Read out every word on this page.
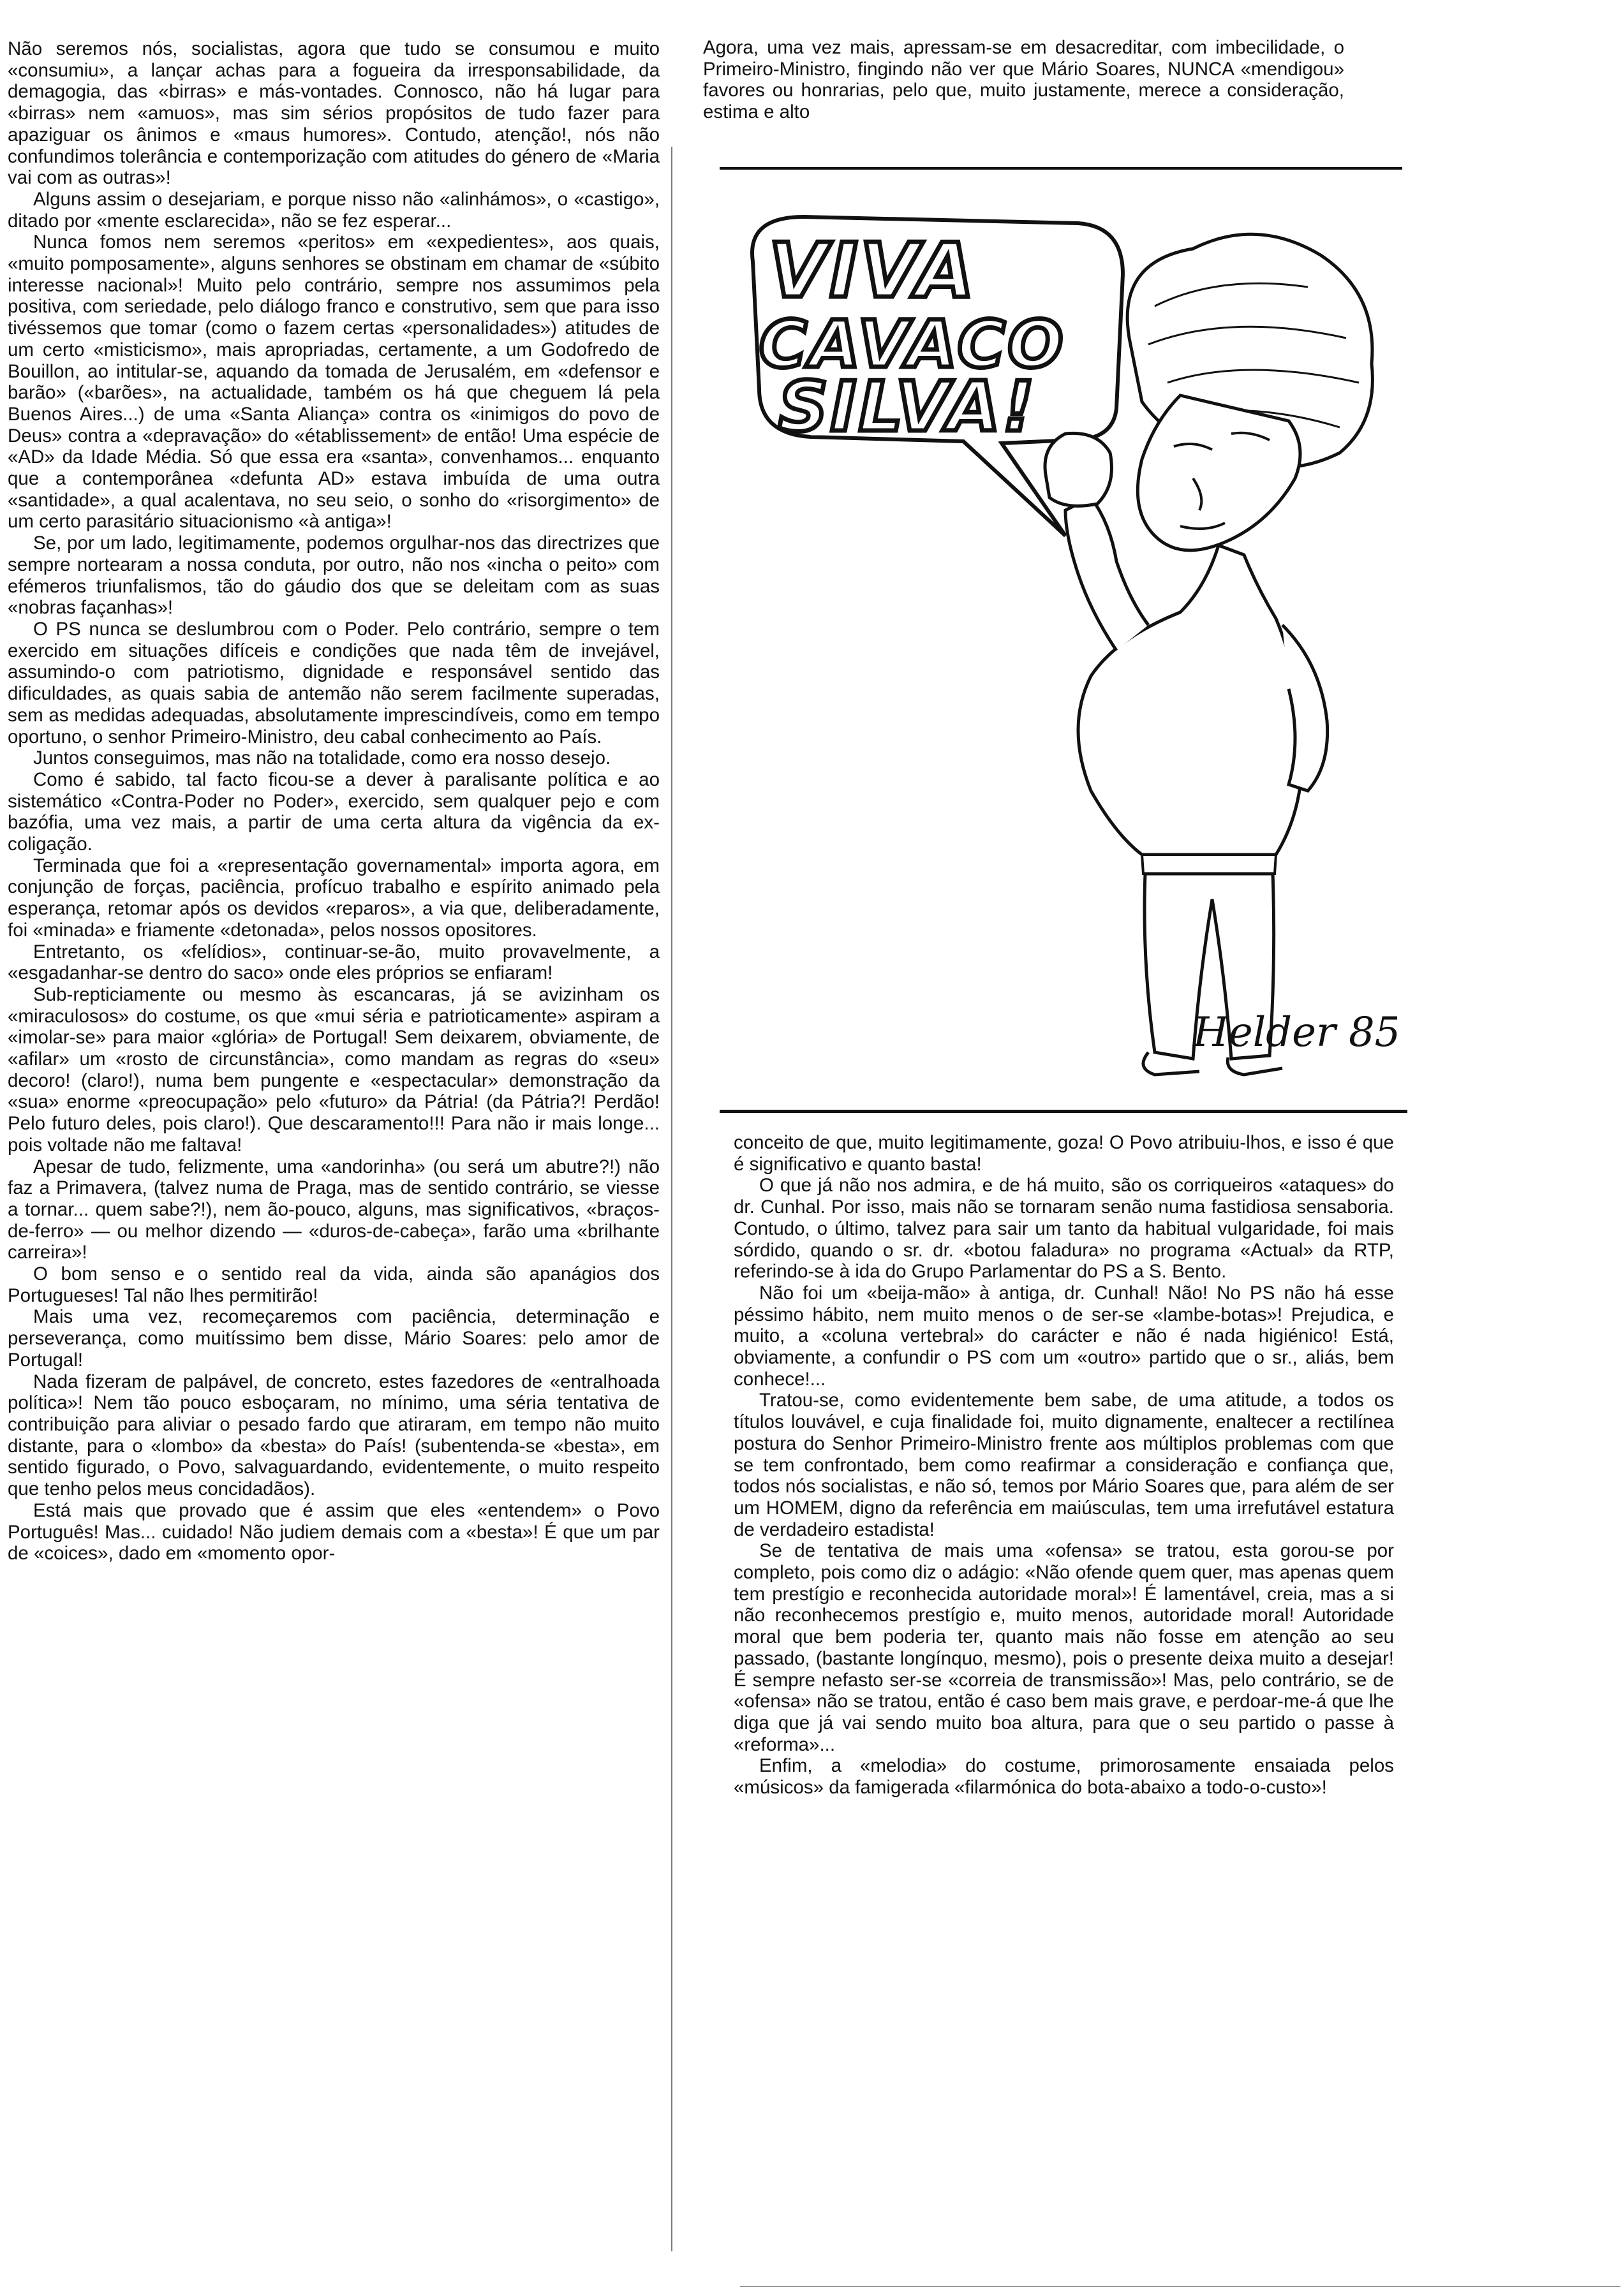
Não seremos nós, socialistas, agora que tudo se consumou e muito «consumiu», a lançar achas para a fogueira da irresponsabilidade, da demagogia, das «birras» e más-vontades. Connosco, não há lugar para «birras» nem «amuos», mas sim sérios propósitos de tudo fazer para apaziguar os ânimos e «maus humores». Contudo, atenção!, nós não confundimos tolerância e contemporização com atitudes do género de «Maria vai com as outras»!

Alguns assim o desejariam, e porque nisso não «alinhámos», o «castigo», ditado por «mente esclarecida», não se fez esperar...

Nunca fomos nem seremos «peritos» em «expedientes», aos quais, «muito pomposamente», alguns senhores se obstinam em chamar de «súbito interesse nacional»! Muito pelo contrário, sempre nos assumimos pela positiva, com seriedade, pelo diálogo franco e construtivo, sem que para isso tivéssemos que tomar (como o fazem certas «personalidades») atitudes de um certo «misticismo», mais apropriadas, certamente, a um Godofredo de Bouillon, ao intitular-se, aquando da tomada de Jerusalém, em «defensor e barão» («barões», na actualidade, também os há que cheguem lá pela Buenos Aires...) de uma «Santa Aliança» contra os «inimigos do povo de Deus» contra a «depravação» do «établissement» de então! Uma espécie de «AD» da Idade Média. Só que essa era «santa», convenhamos... enquanto que a contemporânea «defunta AD» estava imbuída de uma outra «santidade», a qual acalentava, no seu seio, o sonho do «risorgimento» de um certo parasitário situacionismo «à antiga»!

Se, por um lado, legitimamente, podemos orgulhar-nos das directrizes que sempre nortearam a nossa conduta, por outro, não nos «incha o peito» com efémeros triunfalismos, tão do gáudio dos que se deleitam com as suas «nobras façanhas»!

O PS nunca se deslumbrou com o Poder. Pelo contrário, sempre o tem exercido em situações difíceis e condições que nada têm de invejável, assumindo-o com patriotismo, dignidade e responsável sentido das dificuldades, as quais sabia de antemão não serem facilmente superadas, sem as medidas adequadas, absolutamente imprescindíveis, como em tempo oportuno, o senhor Primeiro-Ministro, deu cabal conhecimento ao País.

Juntos conseguimos, mas não na totalidade, como era nosso desejo.

Como é sabido, tal facto ficou-se a dever à paralisante política e ao sistemático «Contra-Poder no Poder», exercido, sem qualquer pejo e com bazófia, uma vez mais, a partir de uma certa altura da vigência da ex-coligação.

Terminada que foi a «representação governamental» importa agora, em conjunção de forças, paciência, profícuo trabalho e espírito animado pela esperança, retomar após os devidos «reparos», a via que, deliberadamente, foi «minada» e friamente «detonada», pelos nossos opositores.

Entretanto, os «felídios», continuar-se-ão, muito provavelmente, a «esgadanhar-se dentro do saco» onde eles próprios se enfiaram!

Sub-repticiamente ou mesmo às escancaras, já se avizinham os «miraculosos» do costume, os que «mui séria e patrioticamente» aspiram a «imolar-se» para maior «glória» de Portugal! Sem deixarem, obviamente, de «afilar» um «rosto de circunstância», como mandam as regras do «seu» decoro! (claro!), numa bem pungente e «espectacular» demonstração da «sua» enorme «preocupação» pelo «futuro» da Pátria! (da Pátria?! Perdão! Pelo futuro deles, pois claro!). Que descaramento!!! Para não ir mais longe... pois voltade não me faltava!

Apesar de tudo, felizmente, uma «andorinha» (ou será um abutre?!) não faz a Primavera, (talvez numa de Praga, mas de sentido contrário, se viesse a tornar... quem sabe?!), nem ão-pouco, alguns, mas significativos, «braços-de-ferro» — ou melhor dizendo — «duros-de-cabeça», farão uma «brilhante carreira»!

O bom senso e o sentido real da vida, ainda são apanágios dos Portugueses! Tal não lhes permitirão!

Mais uma vez, recomeçaremos com paciência, determinação e perseverança, como muitíssimo bem disse, Mário Soares: pelo amor de Portugal!

Nada fizeram de palpável, de concreto, estes fazedores de «entralhoada política»! Nem tão pouco esboçaram, no mínimo, uma séria tentativa de contribuição para aliviar o pesado fardo que atiraram, em tempo não muito distante, para o «lombo» da «besta» do País! (subentenda-se «besta», em sentido figurado, o Povo, salvaguardando, evidentemente, o muito respeito que tenho pelos meus concidadãos).

Está mais que provado que é assim que eles «entendem» o Povo Português! Mas... cuidado! Não judiem demais com a «besta»! É que um par de «coices», dado em «momento opor-

Agora, uma vez mais, apressam-se em desacreditar, com imbecilidade, o Primeiro-Ministro, fingindo não ver que Mário Soares, NUNCA «mendigou» favores ou honrarias, pelo que, muito justamente, merece a consideração, estima e alto

VIVA
CAVACO
SILVA!
Helder 85

conceito de que, muito legitimamente, goza! O Povo atribuiu-lhos, e isso é que é significativo e quanto basta!

O que já não nos admira, e de há muito, são os corriqueiros «ataques» do dr. Cunhal. Por isso, mais não se tornaram senão numa fastidiosa sensaboria. Contudo, o último, talvez para sair um tanto da habitual vulgaridade, foi mais sórdido, quando o sr. dr. «botou faladura» no programa «Actual» da RTP, referindo-se à ida do Grupo Parlamentar do PS a S. Bento.

Não foi um «beija-mão» à antiga, dr. Cunhal! Não! No PS não há esse péssimo hábito, nem muito menos o de ser-se «lambe-botas»! Prejudica, e muito, a «coluna vertebral» do carácter e não é nada higiénico! Está, obviamente, a confundir o PS com um «outro» partido que o sr., aliás, bem conhece!...

Tratou-se, como evidentemente bem sabe, de uma atitude, a todos os títulos louvável, e cuja finalidade foi, muito dignamente, enaltecer a rectilínea postura do Senhor Primeiro-Ministro frente aos múltiplos problemas com que se tem confrontado, bem como reafirmar a consideração e confiança que, todos nós socialistas, e não só, temos por Mário Soares que, para além de ser um HOMEM, digno da referência em maiúsculas, tem uma irrefutável estatura de verdadeiro estadista!

Se de tentativa de mais uma «ofensa» se tratou, esta gorou-se por completo, pois como diz o adágio: «Não ofende quem quer, mas apenas quem tem prestígio e reconhecida autoridade moral»! É lamentável, creia, mas a si não reconhecemos prestígio e, muito menos, autoridade moral! Autoridade moral que bem poderia ter, quanto mais não fosse em atenção ao seu passado, (bastante longínquo, mesmo), pois o presente deixa muito a desejar! É sempre nefasto ser-se «correia de transmissão»! Mas, pelo contrário, se de «ofensa» não se tratou, então é caso bem mais grave, e perdoar-me-á que lhe diga que já vai sendo muito boa altura, para que o seu partido o passe à «reforma»...

Enfim, a «melodia» do costume, primorosamente ensaiada pelos «músicos» da famigerada «filarmónica do bota-abaixo a todo-o-custo»!
